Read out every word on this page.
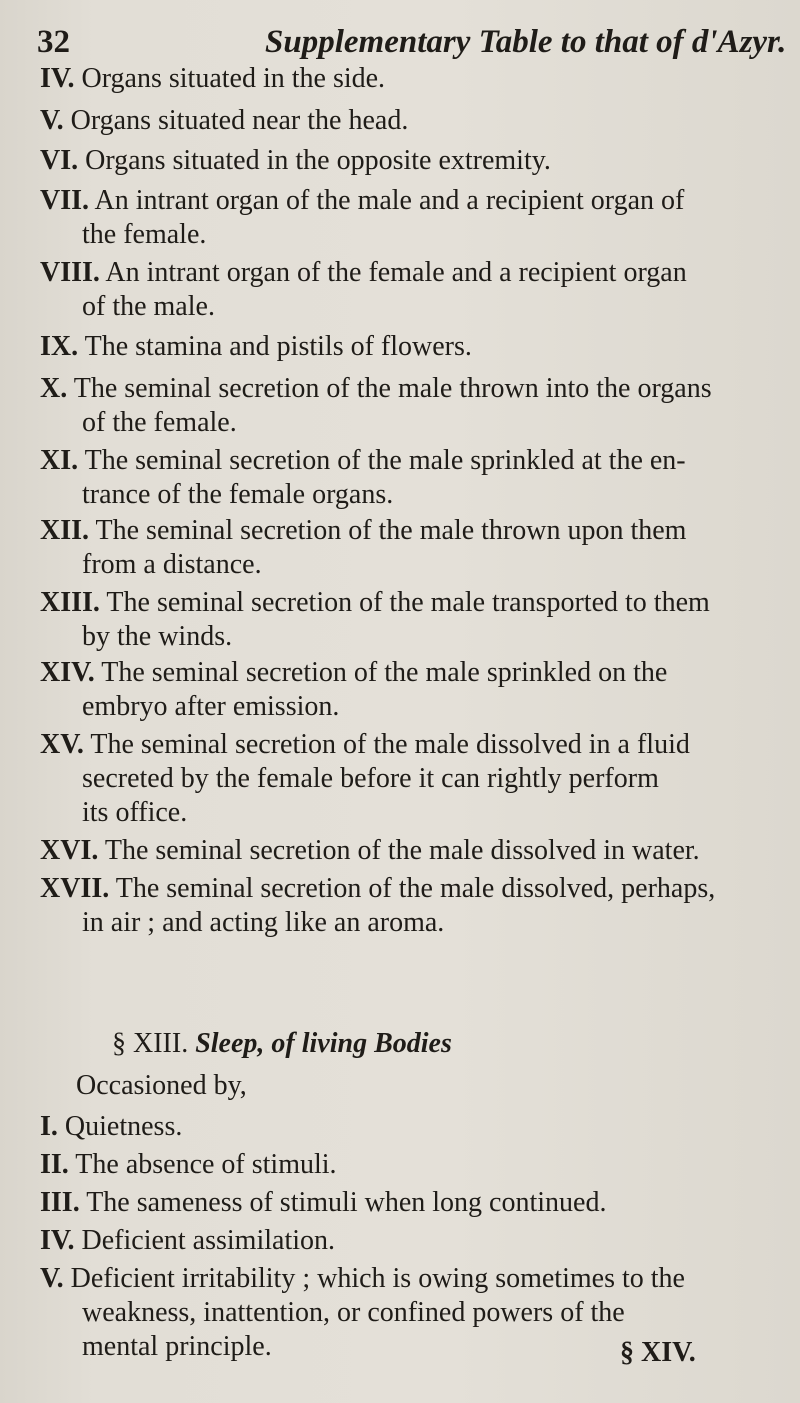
32	Supplementary Table to that of d'Azyr.
IV. Organs situated in the side.
V. Organs situated near the head.
VI. Organs situated in the opposite extremity.
VII. An intrant organ of the male and a recipient organ of
the female.
VIII. An intrant organ of the female and a recipient organ
of the male.
IX. The stamina and pistils of flowers.
X. The seminal secretion of the male thrown into the organs
of the female.
XI. The seminal secretion of the male sprinkled at the en-
trance of the female organs.
XII. The seminal secretion of the male thrown upon them
from a distance.
XIII. The seminal secretion of the male transported to them
by the winds.
XIV. The seminal secretion of the male sprinkled on the
embryo after emission.
XV. The seminal secretion of the male dissolved in a fluid
secreted by the female before it can rightly perform
its office.
XVI. The seminal secretion of the male dissolved in water.
XVII. The seminal secretion of the male dissolved, perhaps,
in air ; and acting like an aroma.
§ XIII. Sleep, of living Bodies
Occasioned by,
I. Quietness.
II. The absence of stimuli.
III. The sameness of stimuli when long continued.
IV. Deficient assimilation.
V. Deficient irritability ; which is owing sometimes to the
weakness, inattention, or confined powers of the
mental principle.	§ XIV.
